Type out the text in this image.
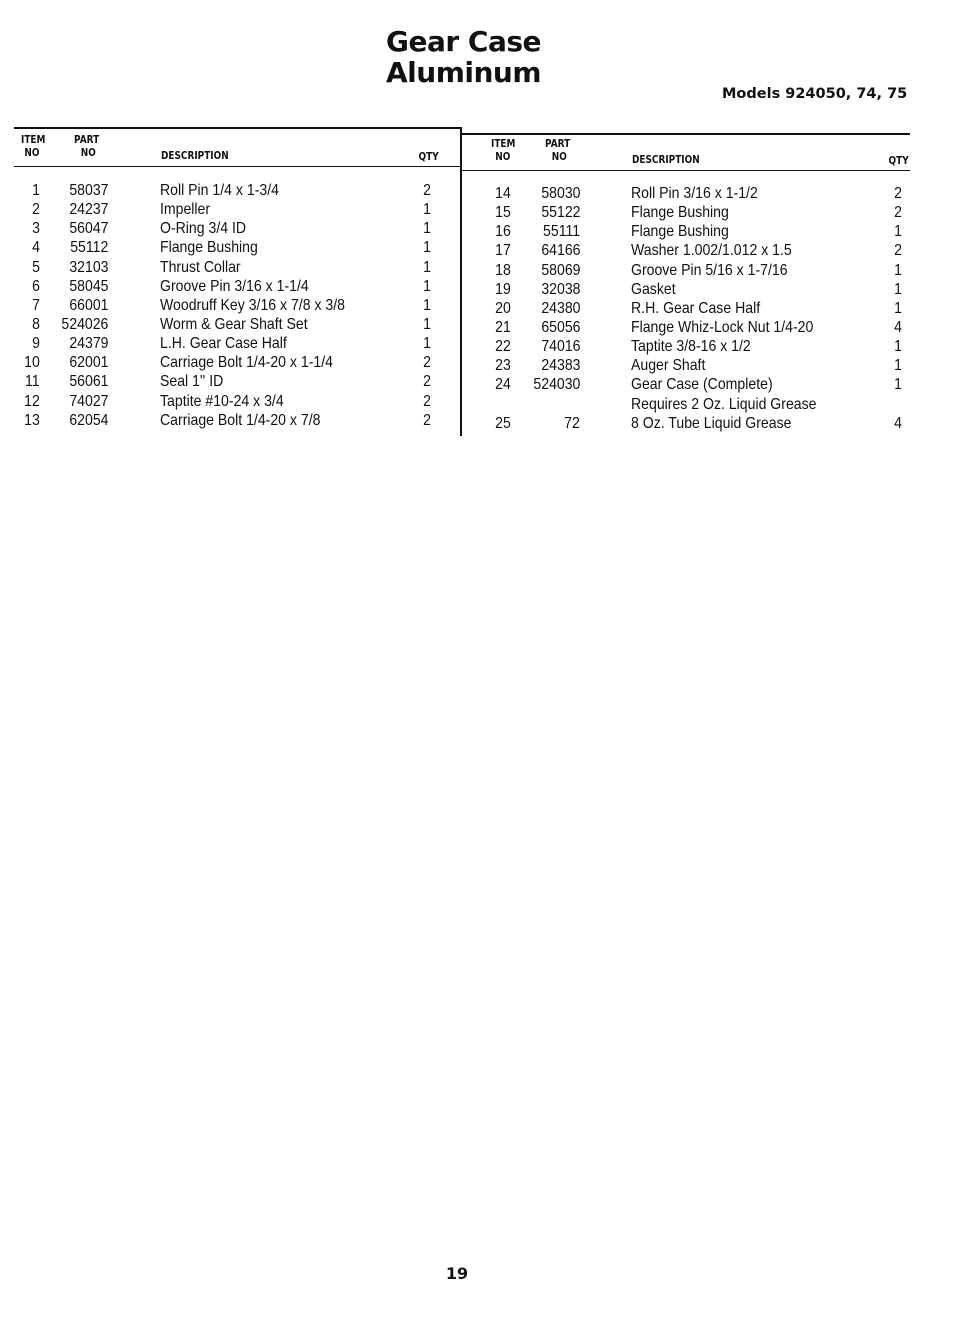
Gear Case
Aluminum
Models 924050, 74, 75
ITEM
NO
PART
NO	DESCRIPTION	QTY
ITEM
NO
PART
NO	DESCRIPTION	QTY
1 58037	Roll Pin 1/4 x 1-3/4	2
2 24237	Impeller	1
3 56047	O-Ring 3/4 ID	1
4 55112	Flange Bushing	1
5 32103	Thrust Collar	1
6 58045	Groove Pin 3/16 x 1-1/4	1
7 66001	Woodruff Key 3/16 x 7/8 x 3/8	1
8 524026	Worm & Gear Shaft Set	1
9 24379	L.H. Gear Case Half	1
10 62001	Carriage Bolt 1/4-20 x 1-1/4	2
11 56061	Seal 1'' ID	2
12 74027	Taptite #10-24 x 3/4	2
13 62054	Carriage Bolt 1/4-20 x 7/8	2
14 58030	Roll Pin 3/16 x 1-1/2	2
15 55122	Flange Bushing	2
16 55111	Flange Bushing	1
17 64166	Washer 1.002/1.012 x 1.5	2
18 58069	Groove Pin 5/16 x 1-7/16	1
19 32038	Gasket	1
20 24380	R.H. Gear Case Half	1
21 65056	Flange Whiz-Lock Nut 1/4-20	4
22 74016	Taptite 3/8-16 x 1/2	1
23 24383	Auger Shaft	1
24 524030	Gear Case (Complete)	1
Requires 2 Oz. Liquid Grease
25	72	8 Oz. Tube Liquid Grease	4
19
